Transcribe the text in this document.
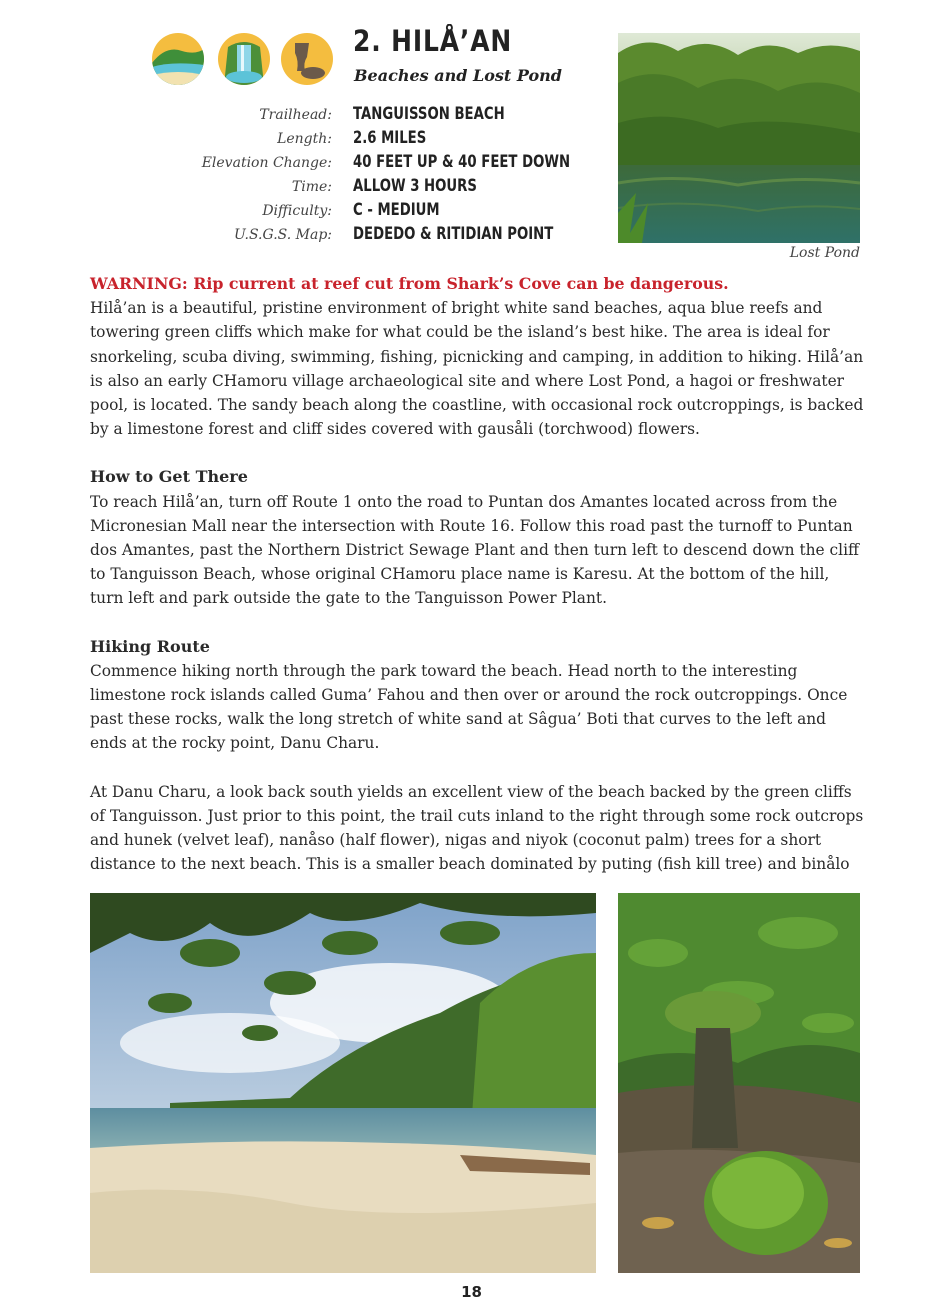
2. HILÅ’AN
Beaches and Lost Pond
Trailhead: TANGUISSON BEACH
Length: 2.6 MILES
Elevation Change: 40 FEET UP & 40 FEET DOWN
Time: ALLOW 3 HOURS
Difficulty: C - MEDIUM
U.S.G.S. Map: DEDEDO & RITIDIAN POINT
Lost Pond

WARNING: Rip current at reef cut from Shark’s Cove can be dangerous.

Hilå’an is a beautiful, pristine environment of bright white sand beaches, aqua blue reefs and towering green cliffs which make for what could be the island’s best hike. The area is ideal for snorkeling, scuba diving, swimming, fishing, picnicking and camping, in addition to hiking. Hilå’an is also an early CHamoru village archaeological site and where Lost Pond, a hagoi or freshwater pool, is located. The sandy beach along the coastline, with occasional rock outcroppings, is backed by a limestone forest and cliff sides covered with gausåli (torchwood) flowers.

How to Get There

To reach Hilå’an, turn off Route 1 onto the road to Puntan dos Amantes located across from the Micronesian Mall near the intersection with Route 16. Follow this road past the turnoff to Puntan dos Amantes, past the Northern District Sewage Plant and then turn left to descend down the cliff to Tanguisson Beach, whose original CHamoru place name is Karesu. At the bottom of the hill, turn left and park outside the gate to the Tanguisson Power Plant.

Hiking Route

Commence hiking north through the park toward the beach. Head north to the interesting limestone rock islands called Guma’ Fahou and then over or around the rock outcroppings. Once past these rocks, walk the long stretch of white sand at Sâgua’ Boti that curves to the left and ends at the rocky point, Danu Charu.

At Danu Charu, a look back south yields an excellent view of the beach backed by the green cliffs of Tanguisson. Just prior to this point, the trail cuts inland to the right through some rock outcrops and hunek (velvet leaf), nanåso (half flower), nigas and niyok (coconut palm) trees for a short distance to the next beach. This is a smaller beach dominated by puting (fish kill tree) and binålo

18
